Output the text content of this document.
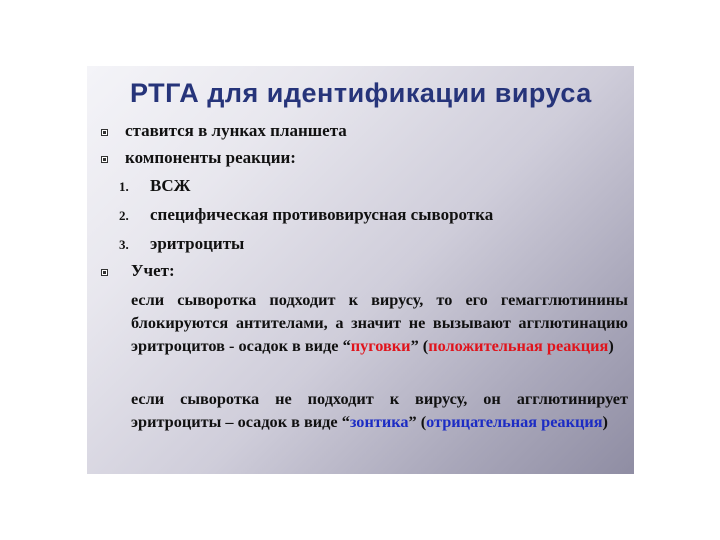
РТГА для идентификации вируса
ставится в лунках планшета
компоненты реакции:
1. ВСЖ
2. специфическая противовирусная сыворотка
3. эритроциты
Учет:
если сыворотка подходит к вирусу, то его гемагглютинины блокируются антителами, а значит не вызывают агглютинацию эритроцитов - осадок в виде “пуговки” (положительная реакция)
если сыворотка не подходит к вирусу, он агглютинирует эритроциты – осадок в виде “зонтика” (отрицательная реакция)
